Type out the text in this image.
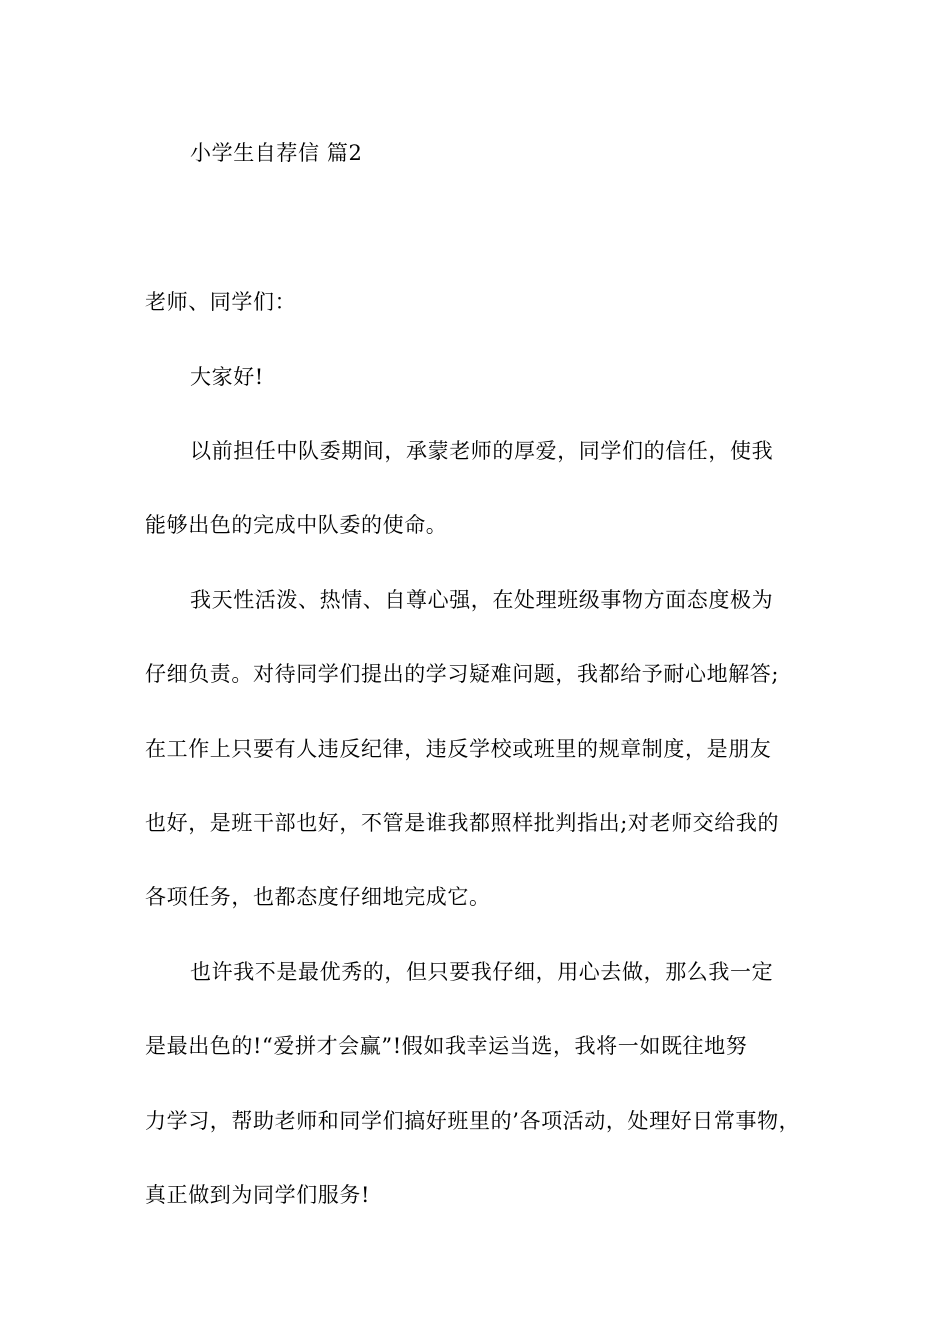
小学生自荐信 篇2
老师、同学们：
大家好!
以前担任中队委期间，承蒙老师的厚爱，同学们的信任，使我
能够出色的完成中队委的使命。
我天性活泼、热情、自尊心强，在处理班级事物方面态度极为
仔细负责。对待同学们提出的学习疑难问题，我都给予耐心地解答;
在工作上只要有人违反纪律，违反学校或班里的规章制度，是朋友
也好，是班干部也好，不管是谁我都照样批判指出;对老师交给我的
各项任务，也都态度仔细地完成它。
也许我不是最优秀的，但只要我仔细，用心去做，那么我一定
是最出色的!“爱拼才会赢”!假如我幸运当选，我将一如既往地努
力学习，帮助老师和同学们搞好班里的’各项活动，处理好日常事物，
真正做到为同学们服务!
